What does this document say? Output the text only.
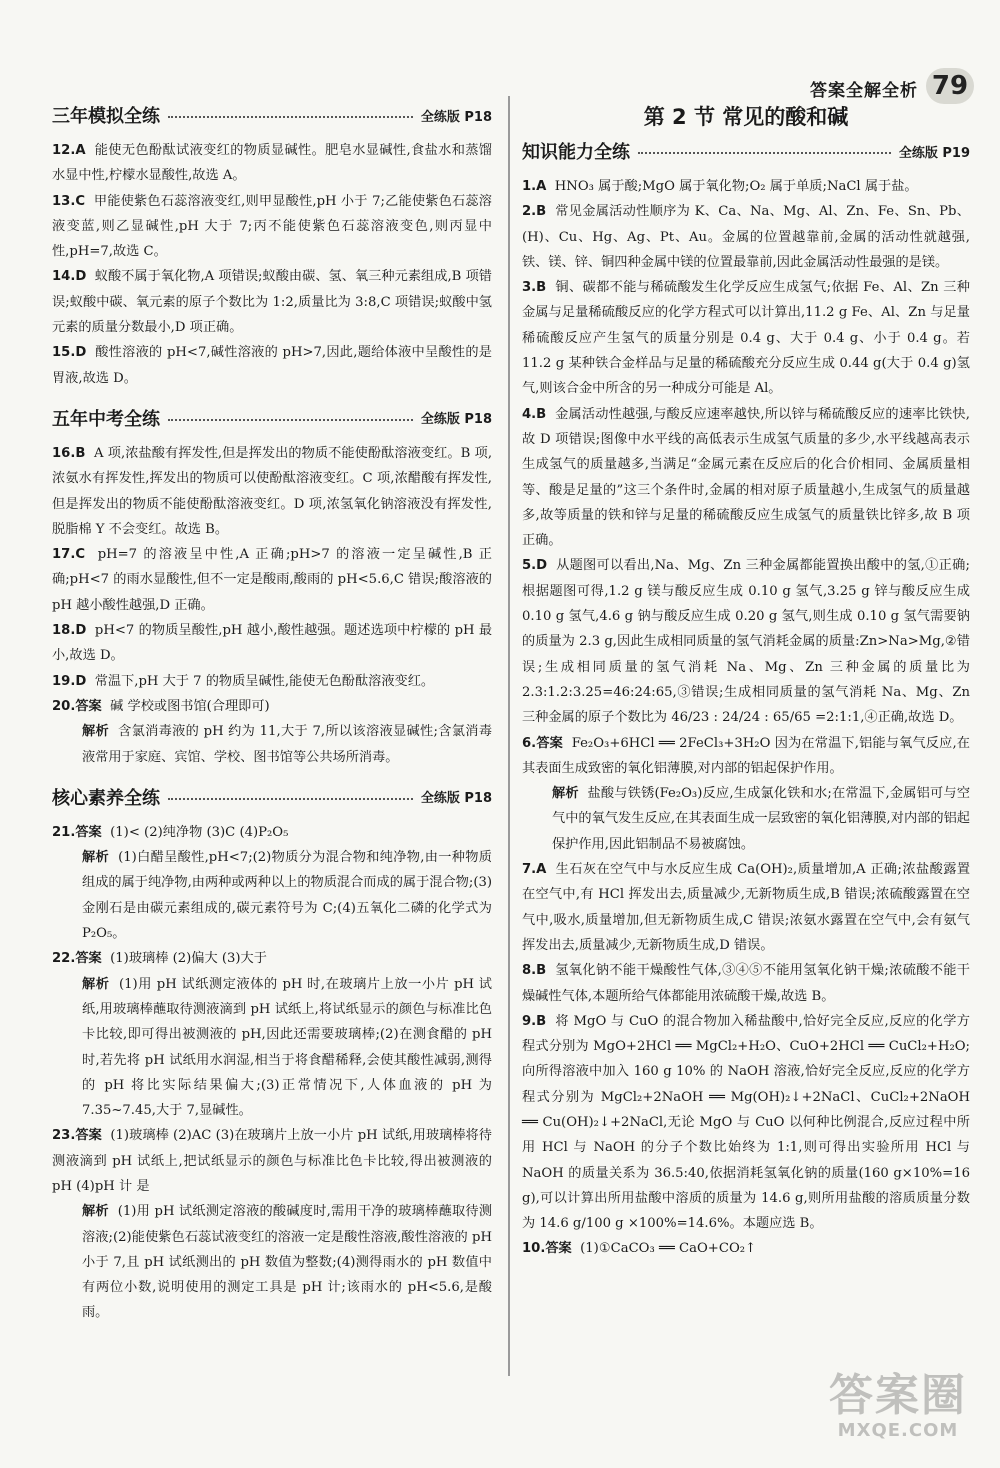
答案全解全析 79
三年模拟全练	全练版 P18

12.A 能使无色酚酞试液变红的物质显碱性。肥皂水显碱性,食盐水和蒸馏水显中性,柠檬水显酸性,故选 A。

13.C 甲能使紫色石蕊溶液变红,则甲显酸性,pH 小于 7;乙能使紫色石蕊溶液变蓝,则乙显碱性,pH 大于 7;丙不能使紫色石蕊溶液变色,则丙显中性,pH=7,故选 C。

14.D 蚁酸不属于氧化物,A 项错误;蚁酸由碳、氢、氧三种元素组成,B 项错误;蚁酸中碳、氧元素的原子个数比为 1:2,质量比为 3:8,C 项错误;蚁酸中氢元素的质量分数最小,D 项正确。

15.D 酸性溶液的 pH<7,碱性溶液的 pH>7,因此,题给体液中呈酸性的是胃液,故选 D。

五年中考全练	全练版 P18

16.B A 项,浓盐酸有挥发性,但是挥发出的物质不能使酚酞溶液变红。B 项,浓氨水有挥发性,挥发出的物质可以使酚酞溶液变红。C 项,浓醋酸有挥发性,但是挥发出的物质不能使酚酞溶液变红。D 项,浓氢氧化钠溶液没有挥发性,脱脂棉 Y 不会变红。故选 B。

17.C pH=7 的溶液呈中性,A 正确;pH>7 的溶液一定呈碱性,B 正确;pH<7 的雨水显酸性,但不一定是酸雨,酸雨的 pH<5.6,C 错误;酸溶液的 pH 越小酸性越强,D 正确。

18.D pH<7 的物质呈酸性,pH 越小,酸性越强。题述选项中柠檬的 pH 最小,故选 D。

19.D 常温下,pH 大于 7 的物质呈碱性,能使无色酚酞溶液变红。

20.答案 碱 学校或图书馆(合理即可)

解析 含氯消毒液的 pH 约为 11,大于 7,所以该溶液显碱性;含氯消毒液常用于家庭、宾馆、学校、图书馆等公共场所消毒。

核心素养全练	全练版 P18

21.答案 (1)< (2)纯净物 (3)C (4)P₂O₅

解析 (1)白醋呈酸性,pH<7;(2)物质分为混合物和纯净物,由一种物质组成的属于纯净物,由两种或两种以上的物质混合而成的属于混合物;(3)金刚石是由碳元素组成的,碳元素符号为 C;(4)五氧化二磷的化学式为 P₂O₅。

22.答案 (1)玻璃棒 (2)偏大 (3)大于

解析 (1)用 pH 试纸测定液体的 pH 时,在玻璃片上放一小片 pH 试纸,用玻璃棒蘸取待测液滴到 pH 试纸上,将试纸显示的颜色与标准比色卡比较,即可得出被测液的 pH,因此还需要玻璃棒;(2)在测食醋的 pH 时,若先将 pH 试纸用水润湿,相当于将食醋稀释,会使其酸性减弱,测得的 pH 将比实际结果偏大;(3)正常情况下,人体血液的 pH 为 7.35~7.45,大于 7,显碱性。

23.答案 (1)玻璃棒 (2)AC (3)在玻璃片上放一小片 pH 试纸,用玻璃棒将待测液滴到 pH 试纸上,把试纸显示的颜色与标准比色卡比较,得出被测液的 pH (4)pH 计 是

解析 (1)用 pH 试纸测定溶液的酸碱度时,需用干净的玻璃棒蘸取待测溶液;(2)能使紫色石蕊试液变红的溶液一定是酸性溶液,酸性溶液的 pH 小于 7,且 pH 试纸测出的 pH 数值为整数;(4)测得雨水的 pH 数值中有两位小数,说明使用的测定工具是 pH 计;该雨水的 pH<5.6,是酸雨。

第 2 节 常见的酸和碱
知识能力全练	全练版 P19

1.A HNO₃ 属于酸;MgO 属于氧化物;O₂ 属于单质;NaCl 属于盐。

2.B 常见金属活动性顺序为 K、Ca、Na、Mg、Al、Zn、Fe、Sn、Pb、(H)、Cu、Hg、Ag、Pt、Au。金属的位置越靠前,金属的活动性就越强,铁、镁、锌、铜四种金属中镁的位置最靠前,因此金属活动性最强的是镁。

3.B 铜、碳都不能与稀硫酸发生化学反应生成氢气;依据 Fe、Al、Zn 三种金属与足量稀硫酸反应的化学方程式可以计算出,11.2 g Fe、Al、Zn 与足量稀硫酸反应产生氢气的质量分别是 0.4 g、大于 0.4 g、小于 0.4 g。若 11.2 g 某种铁合金样品与足量的稀硫酸充分反应生成 0.44 g(大于 0.4 g)氢气,则该合金中所含的另一种成分可能是 Al。

4.B 金属活动性越强,与酸反应速率越快,所以锌与稀硫酸反应的速率比铁快,故 D 项错误;图像中水平线的高低表示生成氢气质量的多少,水平线越高表示生成氢气的质量越多,当满足“金属元素在反应后的化合价相同、金属质量相等、酸是足量的”这三个条件时,金属的相对原子质量越小,生成氢气的质量越多,故等质量的铁和锌与足量的稀硫酸反应生成氢气的质量铁比锌多,故 B 项正确。

5.D 从题图可以看出,Na、Mg、Zn 三种金属都能置换出酸中的氢,①正确;根据题图可得,1.2 g 镁与酸反应生成 0.10 g 氢气,3.25 g 锌与酸反应生成 0.10 g 氢气,4.6 g 钠与酸反应生成 0.20 g 氢气,则生成 0.10 g 氢气需要钠的质量为 2.3 g,因此生成相同质量的氢气消耗金属的质量:Zn>Na>Mg,②错误;生成相同质量的氢气消耗 Na、Mg、Zn 三种金属的质量比为2.3:1.2:3.25=46:24:65,③错误;生成相同质量的氢气消耗 Na、Mg、Zn 三种金属的原子个数比为 46/23 : 24/24 : 65/65 =2:1:1,④正确,故选 D。

6.答案 Fe₂O₃+6HCl ══ 2FeCl₃+3H₂O 因为在常温下,铝能与氧气反应,在其表面生成致密的氧化铝薄膜,对内部的铝起保护作用。

解析 盐酸与铁锈(Fe₂O₃)反应,生成氯化铁和水;在常温下,金属铝可与空气中的氧气发生反应,在其表面生成一层致密的氧化铝薄膜,对内部的铝起保护作用,因此铝制品不易被腐蚀。

7.A 生石灰在空气中与水反应生成 Ca(OH)₂,质量增加,A 正确;浓盐酸露置在空气中,有 HCl 挥发出去,质量减少,无新物质生成,B 错误;浓硫酸露置在空气中,吸水,质量增加,但无新物质生成,C 错误;浓氨水露置在空气中,会有氨气挥发出去,质量减少,无新物质生成,D 错误。

8.B 氢氧化钠不能干燥酸性气体,③④⑤不能用氢氧化钠干燥;浓硫酸不能干燥碱性气体,本题所给气体都能用浓硫酸干燥,故选 B。

9.B 将 MgO 与 CuO 的混合物加入稀盐酸中,恰好完全反应,反应的化学方程式分别为 MgO+2HCl ══ MgCl₂+H₂O、CuO+2HCl ══ CuCl₂+H₂O;向所得溶液中加入 160 g 10% 的 NaOH 溶液,恰好完全反应,反应的化学方程式分别为 MgCl₂+2NaOH ══ Mg(OH)₂↓+2NaCl、CuCl₂+2NaOH ══ Cu(OH)₂↓+2NaCl,无论 MgO 与 CuO 以何种比例混合,反应过程中所用 HCl 与 NaOH 的分子个数比始终为 1:1,则可得出实验所用 HCl 与 NaOH 的质量关系为 36.5:40,依据消耗氢氧化钠的质量(160 g×10%=16 g),可以计算出所用盐酸中溶质的质量为 14.6 g,则所用盐酸的溶质质量分数为 14.6 g/100 g ×100%=14.6%。本题应选 B。

10.答案 (1)①CaCO₃ ══ CaO+CO₂↑

答案圈
MXQE.COM
